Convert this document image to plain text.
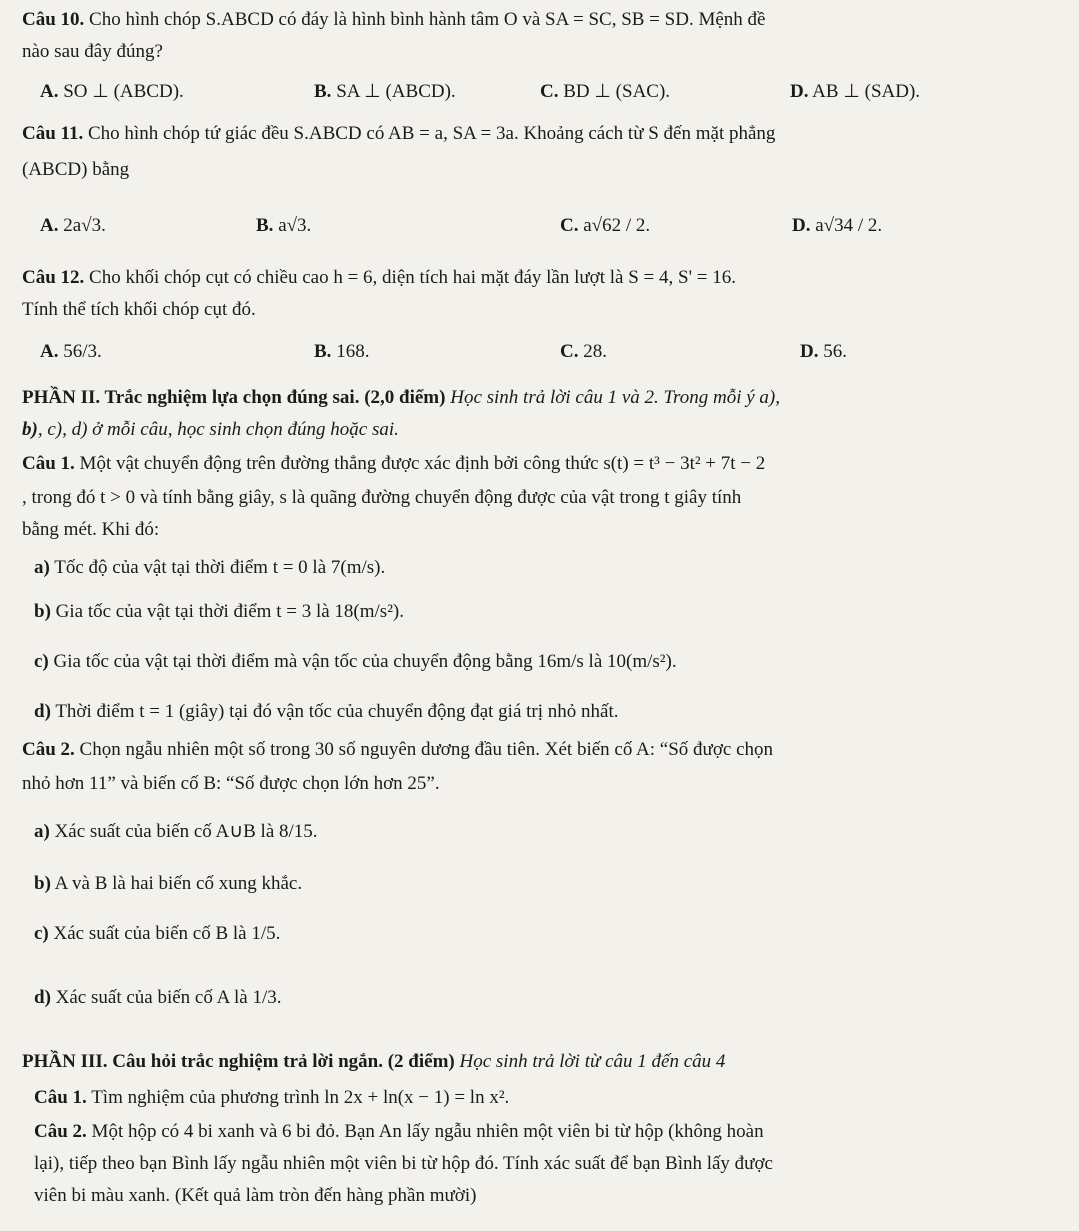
Câu 10. Cho hình chóp S.ABCD có đáy là hình bình hành tâm O và SA = SC, SB = SD. Mệnh đề
nào sau đây đúng?
A. SO ⊥ (ABCD).	B. SA ⊥ (ABCD).	C. BD ⊥ (SAC).	D. AB ⊥ (SAD).
Câu 11. Cho hình chóp tứ giác đều S.ABCD có AB = a, SA = 3a. Khoảng cách từ S đến mặt phẳng
(ABCD) bằng
A. 2a√3.	B. a√3.	C. a√62 / 2.	D. a√34 / 2.
Câu 12. Cho khối chóp cụt có chiều cao h = 6, diện tích hai mặt đáy lần lượt là S = 4, S' = 16.
Tính thể tích khối chóp cụt đó.
A. 56/3.	B. 168.	C. 28.	D. 56.
PHẦN II. Trắc nghiệm lựa chọn đúng sai. (2,0 điểm) Học sinh trả lời câu 1 và 2. Trong mỗi ý a),
b), c), d) ở mỗi câu, học sinh chọn đúng hoặc sai.
Câu 1. Một vật chuyển động trên đường thẳng được xác định bởi công thức s(t) = t³ − 3t² + 7t − 2
, trong đó t > 0 và tính bằng giây, s là quãng đường chuyển động được của vật trong t giây tính
bằng mét. Khi đó:
a) Tốc độ của vật tại thời điểm t = 0 là 7(m/s).
b) Gia tốc của vật tại thời điểm t = 3 là 18(m/s²).
c) Gia tốc của vật tại thời điểm mà vận tốc của chuyển động bằng 16m/s là 10(m/s²).
d) Thời điểm t = 1 (giây) tại đó vận tốc của chuyển động đạt giá trị nhỏ nhất.
Câu 2. Chọn ngẫu nhiên một số trong 30 số nguyên dương đầu tiên. Xét biến cố A: “Số được chọn
nhỏ hơn 11” và biến cố B: “Số được chọn lớn hơn 25”.
a) Xác suất của biến cố A∪B là 8/15.
b) A và B là hai biến cố xung khắc.
c) Xác suất của biến cố B là 1/5.
d) Xác suất của biến cố A là 1/3.
PHẦN III. Câu hỏi trắc nghiệm trả lời ngắn. (2 điểm) Học sinh trả lời từ câu 1 đến câu 4
Câu 1. Tìm nghiệm của phương trình ln 2x + ln(x − 1) = ln x².
Câu 2. Một hộp có 4 bi xanh và 6 bi đỏ. Bạn An lấy ngẫu nhiên một viên bi từ hộp (không hoàn
lại), tiếp theo bạn Bình lấy ngẫu nhiên một viên bi từ hộp đó. Tính xác suất để bạn Bình lấy được
viên bi màu xanh. (Kết quả làm tròn đến hàng phần mười)
